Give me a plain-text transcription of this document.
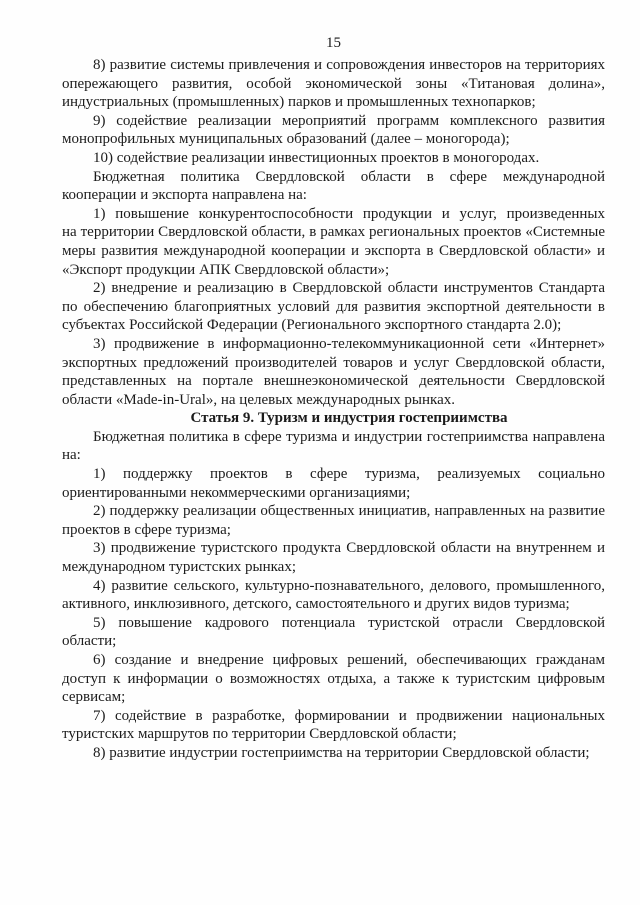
15

8) развитие системы привлечения и сопровождения инвесторов на территориях опережающего развития, особой экономической зоны «Титановая долина», индустриальных (промышленных) парков и промышленных технопарков;

9) содействие реализации мероприятий программ комплексного развития монопрофильных муниципальных образований (далее – моногорода);

10) содействие реализации инвестиционных проектов в моногородах.

Бюджетная политика Свердловской области в сфере международной кооперации и экспорта направлена на:

1) повышение конкурентоспособности продукции и услуг, произведенных на территории Свердловской области, в рамках региональных проектов «Системные меры развития международной кооперации и экспорта в Свердловской области» и «Экспорт продукции АПК Свердловской области»;

2) внедрение и реализацию в Свердловской области инструментов Стандарта по обеспечению благоприятных условий для развития экспортной деятельности в субъектах Российской Федерации (Регионального экспортного стандарта 2.0);

3) продвижение в информационно-телекоммуникационной сети «Интернет» экспортных предложений производителей товаров и услуг Свердловской области, представленных на портале внешнеэкономической деятельности Свердловской области «Made-in-Ural», на целевых международных рынках.

Статья 9. Туризм и индустрия гостеприимства

Бюджетная политика в сфере туризма и индустрии гостеприимства направлена на:

1) поддержку проектов в сфере туризма, реализуемых социально ориентированными некоммерческими организациями;

2) поддержку реализации общественных инициатив, направленных на развитие проектов в сфере туризма;

3) продвижение туристского продукта Свердловской области на внутреннем и международном туристских рынках;

4) развитие сельского, культурно-познавательного, делового, промышленного, активного, инклюзивного, детского, самостоятельного и других видов туризма;

5) повышение кадрового потенциала туристской отрасли Свердловской области;

6) создание и внедрение цифровых решений, обеспечивающих гражданам доступ к информации о возможностях отдыха, а также к туристским цифровым сервисам;

7) содействие в разработке, формировании и продвижении национальных туристских маршрутов по территории Свердловской области;

8) развитие индустрии гостеприимства на территории Свердловской области;
